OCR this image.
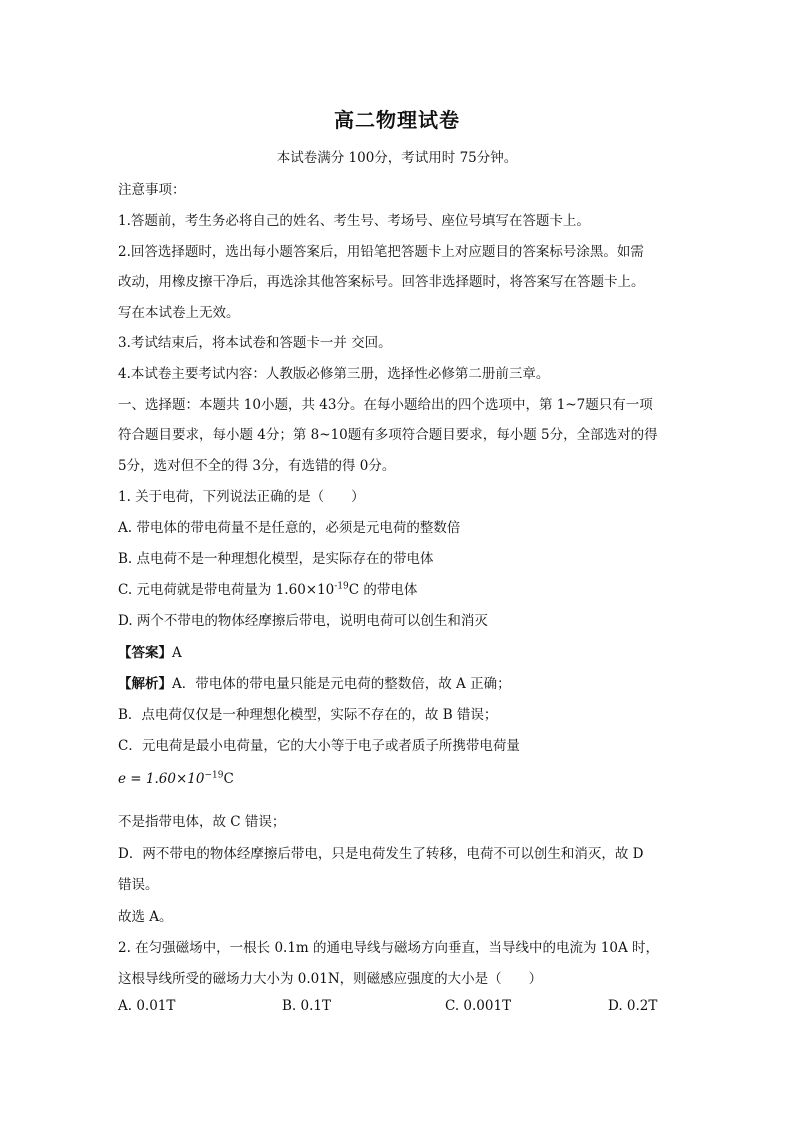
高二物理试卷
本试卷满分 100分，考试用时 75分钟。
注意事项：
1.答题前，考生务必将自己的姓名、考生号、考场号、座位号填写在答题卡上。
2.回答选择题时，选出每小题答案后，用铅笔把答题卡上对应题目的答案标号涂黑。如需
改动，用橡皮擦干净后，再选涂其他答案标号。回答非选择题时，将答案写在答题卡上。
写在本试卷上无效。
3.考试结束后，将本试卷和答题卡一并 交回。
4.本试卷主要考试内容：人教版必修第三册，选择性必修第二册前三章。
一、选择题：本题共 10小题，共 43分。在每小题给出的四个选项中，第 1~7题只有一项
符合题目要求，每小题 4分；第 8~10题有多项符合题目要求，每小题 5分，全部选对的得
5分，选对但不全的得 3分，有选错的得 0分。
1. 关于电荷，下列说法正确的是（　　）
A. 带电体的带电荷量不是任意的，必须是元电荷的整数倍
B. 点电荷不是一种理想化模型，是实际存在的带电体
C. 元电荷就是带电荷量为 $1.60\times 10^{-19}C$ 的带电体
D. 两个不带电的物体经摩擦后带电，说明电荷可以创生和消灭
【答案】A
【解析】A．带电体的带电量只能是元电荷的整数倍，故 A 正确；
B．点电荷仅仅是一种理想化模型，实际不存在的，故 B 错误；
C．元电荷是最小电荷量，它的大小等于电子或者质子所携带电荷量
$e = 1.60\times 10^{-19}C$
不是指带电体，故 C 错误；
D．两不带电的物体经摩擦后带电，只是电荷发生了转移，电荷不可以创生和消灭，故 D
错误。
故选 A。
2. 在匀强磁场中，一根长 0.1m 的通电导线与磁场方向垂直，当导线中的电流为 10A 时，
这根导线所受的磁场力大小为 0.01N，则磁感应强度的大小是（　　）
A. 0.01T	B. 0.1T	C. 0.001T	D. 0.2T
